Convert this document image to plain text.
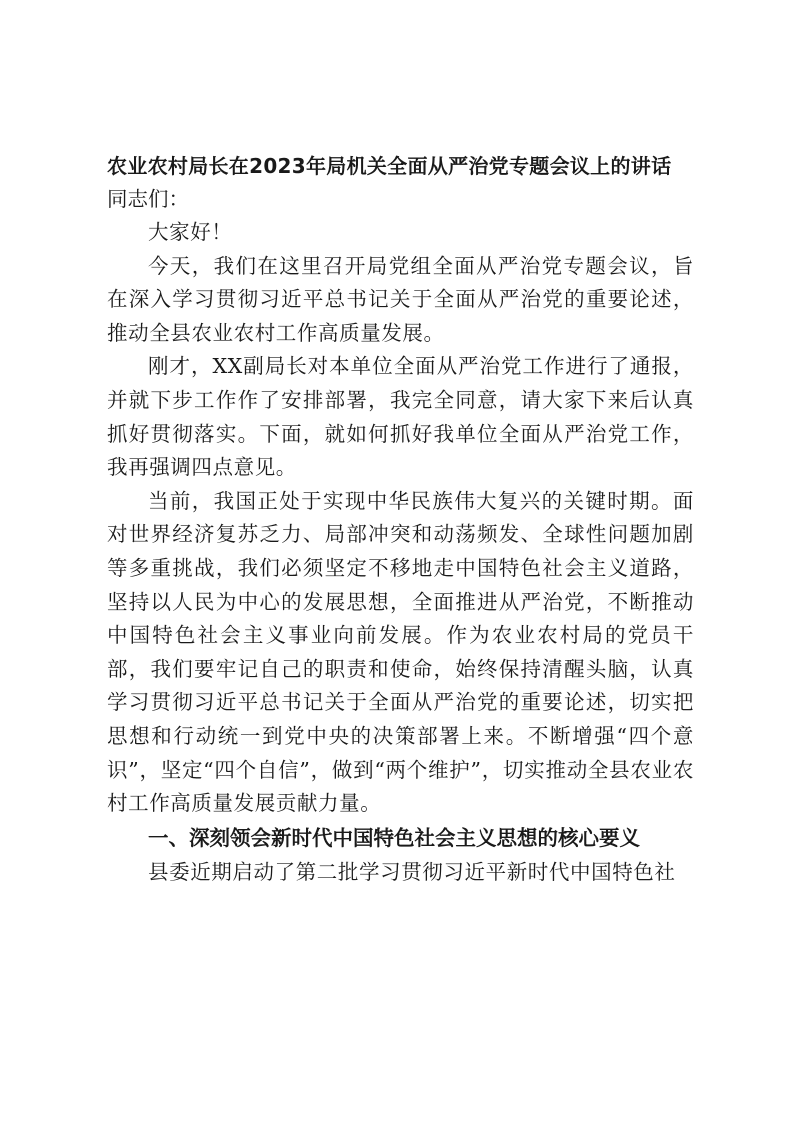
农业农村局长在2023年局机关全面从严治党专题会议上的讲话

同志们：

大家好！

今天，我们在这里召开局党组全面从严治党专题会议，旨在深入学习贯彻习近平总书记关于全面从严治党的重要论述，推动全县农业农村工作高质量发展。

刚才，XX副局长对本单位全面从严治党工作进行了通报，并就下步工作作了安排部署，我完全同意，请大家下来后认真抓好贯彻落实。下面，就如何抓好我单位全面从严治党工作，我再强调四点意见。

当前，我国正处于实现中华民族伟大复兴的关键时期。面对世界经济复苏乏力、局部冲突和动荡频发、全球性问题加剧等多重挑战，我们必须坚定不移地走中国特色社会主义道路，坚持以人民为中心的发展思想，全面推进从严治党，不断推动中国特色社会主义事业向前发展。作为农业农村局的党员干部，我们要牢记自己的职责和使命，始终保持清醒头脑，认真学习贯彻习近平总书记关于全面从严治党的重要论述，切实把思想和行动统一到党中央的决策部署上来。不断增强“四个意识”，坚定“四个自信”，做到“两个维护”，切实推动全县农业农村工作高质量发展贡献力量。

一、深刻领会新时代中国特色社会主义思想的核心要义

县委近期启动了第二批学习贯彻习近平新时代中国特色社
